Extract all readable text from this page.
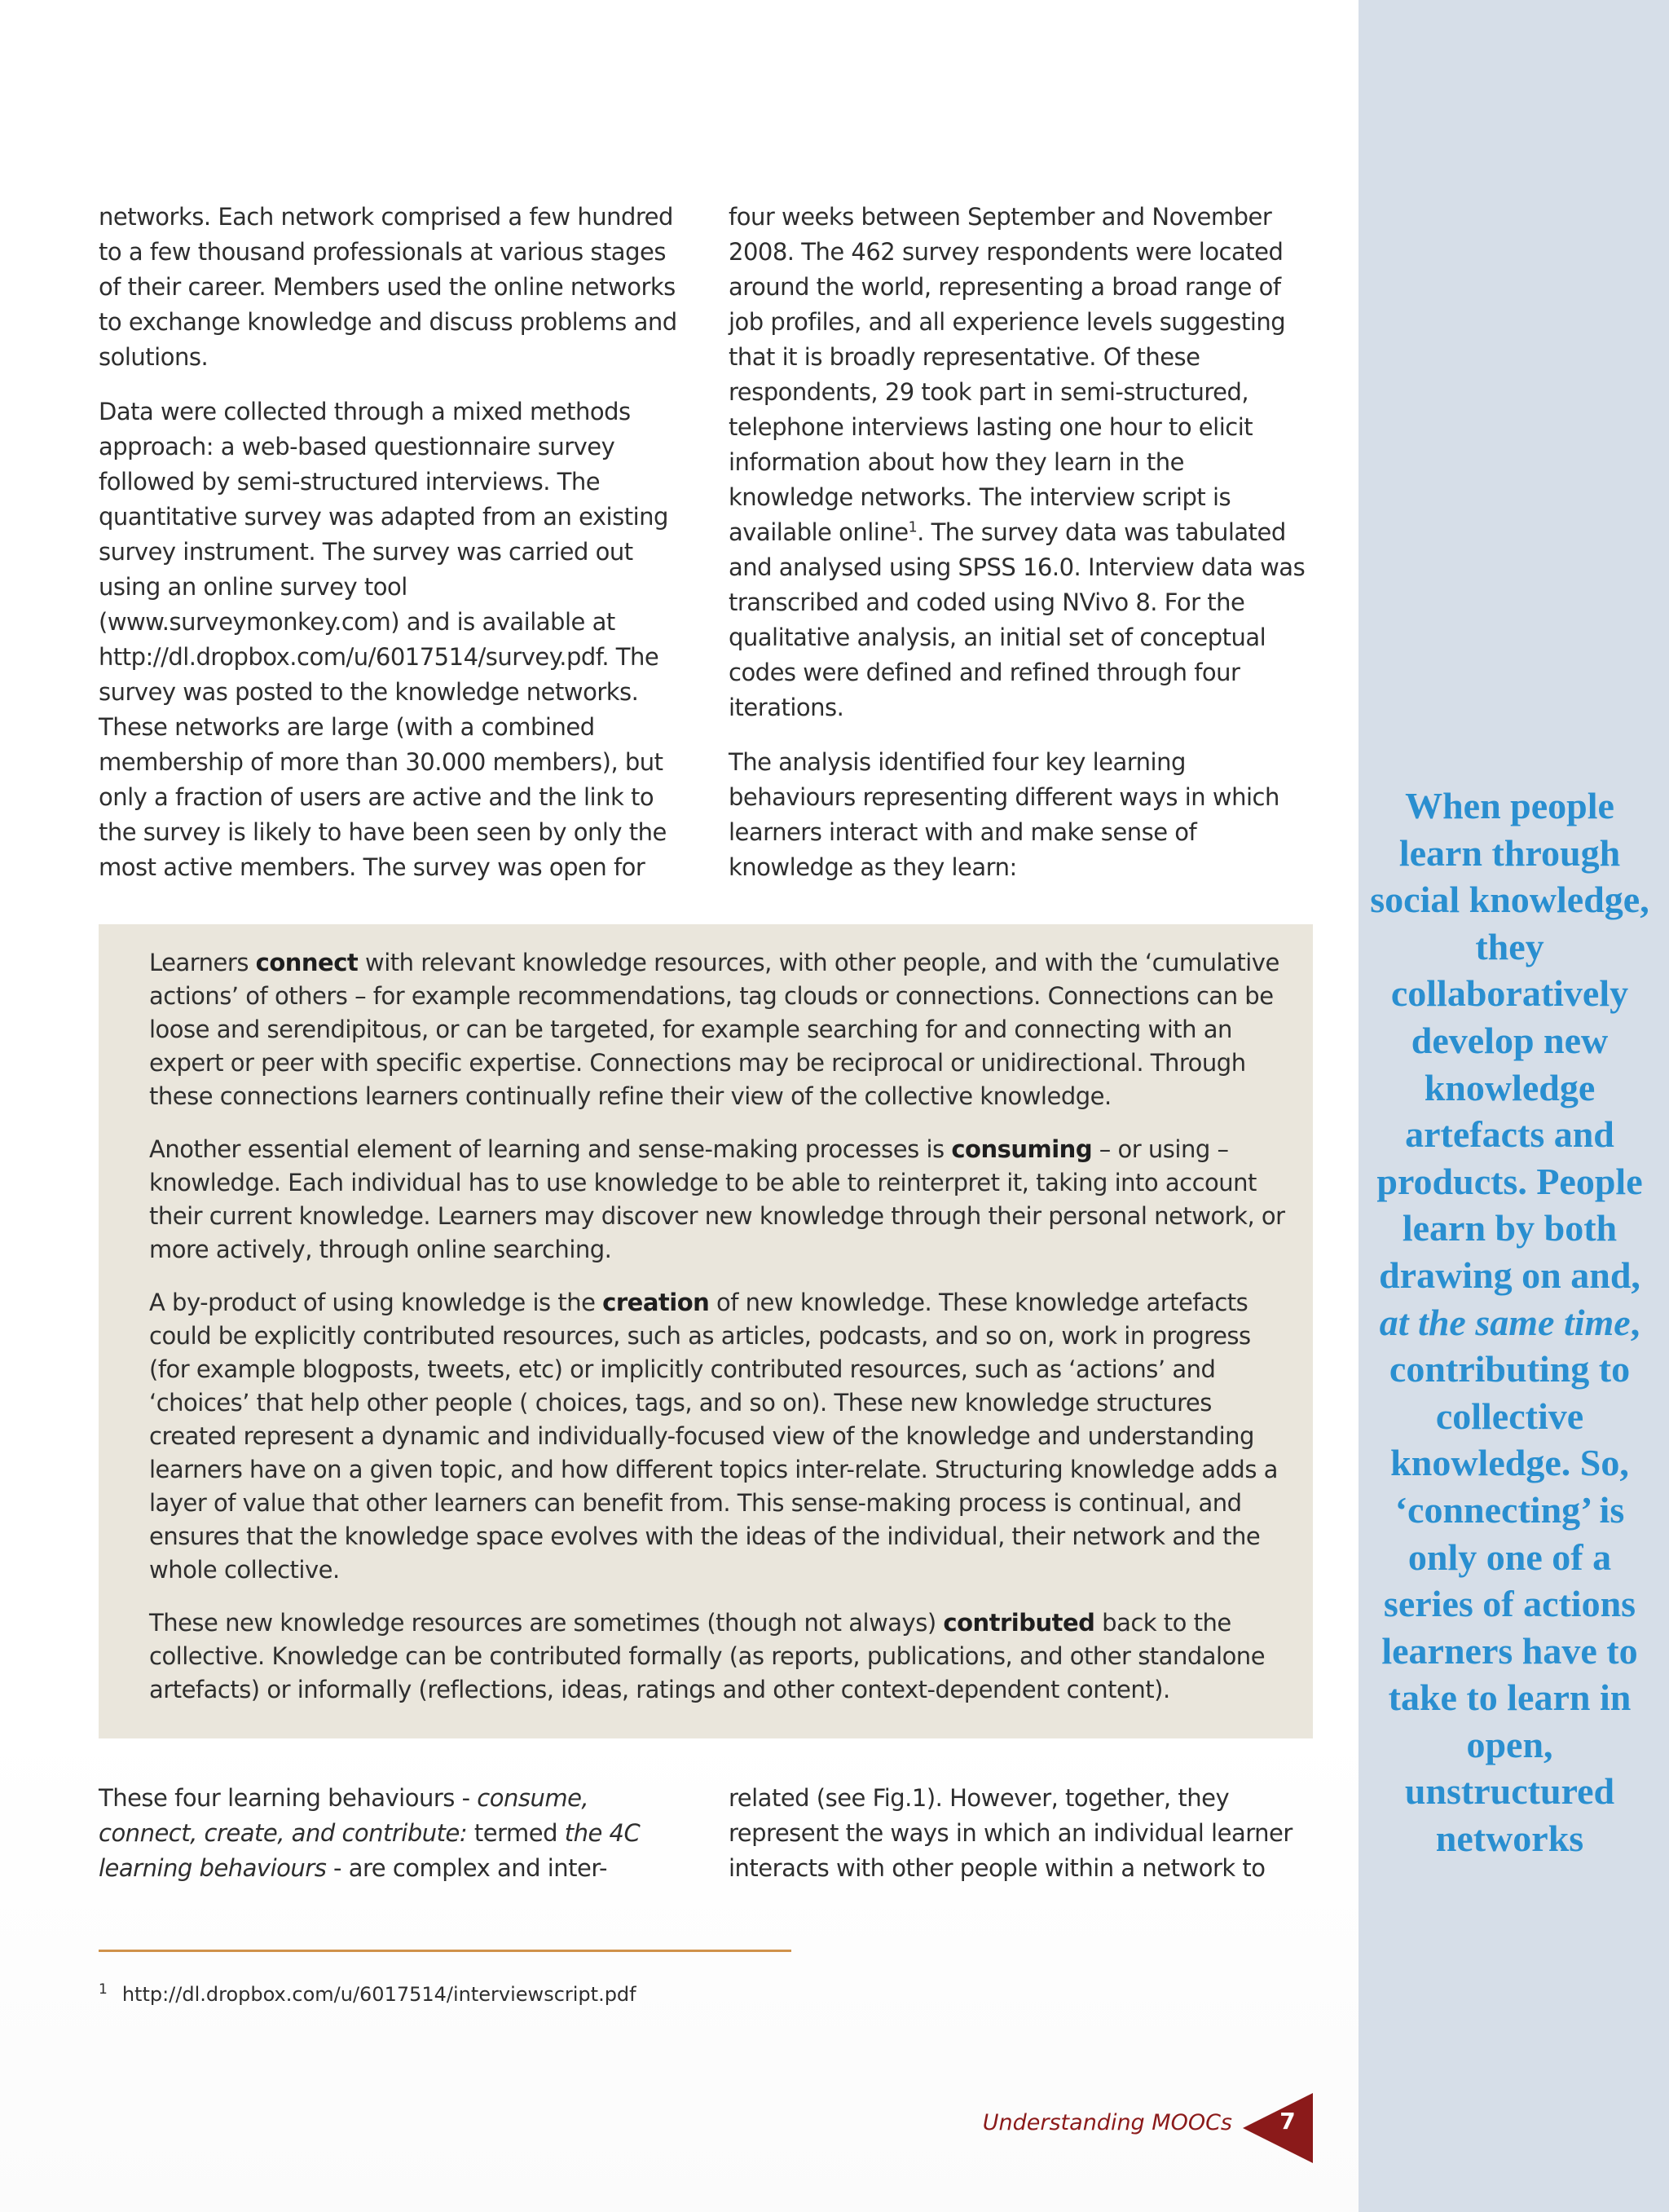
networks. Each network comprised a few hundred to a few thousand professionals at various stages of their career. Members used the online networks to exchange knowledge and discuss problems and solutions.

Data were collected through a mixed methods approach: a web-based questionnaire survey followed by semi-structured interviews. The quantitative survey was adapted from an existing survey instrument. The survey was carried out using an online survey tool (www.surveymonkey.com) and is available at http://dl.dropbox.com/u/6017514/survey.pdf. The survey was posted to the knowledge networks. These networks are large (with a combined membership of more than 30.000 members), but only a fraction of users are active and the link to the survey is likely to have been seen by only the most active members. The survey was open for

four weeks between September and November 2008. The 462 survey respondents were located around the world, representing a broad range of job profiles, and all experience levels suggesting that it is broadly representative. Of these respondents, 29 took part in semi-structured, telephone interviews lasting one hour to elicit information about how they learn in the knowledge networks. The interview script is available online$^1$. The survey data was tabulated and analysed using SPSS 16.0. Interview data was transcribed and coded using NVivo 8. For the qualitative analysis, an initial set of conceptual codes were defined and refined through four iterations.

The analysis identified four key learning behaviours representing different ways in which learners interact with and make sense of knowledge as they learn:

Learners connect with relevant knowledge resources, with other people, and with the ‘cumulative actions’ of others – for example recommendations, tag clouds or connections. Connections can be loose and serendipitous, or can be targeted, for example searching for and connecting with an expert or peer with specific expertise. Connections may be reciprocal or unidirectional. Through these connections learners continually refine their view of the collective knowledge.

Another essential element of learning and sense-making processes is consuming – or using – knowledge. Each individual has to use knowledge to be able to reinterpret it, taking into account their current knowledge. Learners may discover new knowledge through their personal network, or more actively, through online searching.

A by-product of using knowledge is the creation of new knowledge. These knowledge artefacts could be explicitly contributed resources, such as articles, podcasts, and so on, work in progress (for example blogposts, tweets, etc) or implicitly contributed resources, such as ‘actions’ and ‘choices’ that help other people ( choices, tags, and so on). These new knowledge structures created represent a dynamic and individually-focused view of the knowledge and understanding learners have on a given topic, and how different topics inter-relate. Structuring knowledge adds a layer of value that other learners can benefit from. This sense-making process is continual, and ensures that the knowledge space evolves with the ideas of the individual, their network and the whole collective.

These new knowledge resources are sometimes (though not always) contributed back to the collective. Knowledge can be contributed formally (as reports, publications, and other standalone artefacts) or informally (reflections, ideas, ratings and other context-dependent content).

These four learning behaviours - consume, connect, create, and contribute: termed the 4C learning behaviours - are complex and inter-

related (see Fig.1). However, together, they represent the ways in which an individual learner interacts with other people within a network to

$^1$ http://dl.dropbox.com/u/6017514/interviewscript.pdf

When people learn through social knowledge, they collaboratively develop new knowledge artefacts and products. People learn by both drawing on and, at the same time, contributing to collective knowledge. So, ‘connecting’ is only one of a series of actions learners have to take to learn in open, unstructured networks

Understanding MOOCs	7
